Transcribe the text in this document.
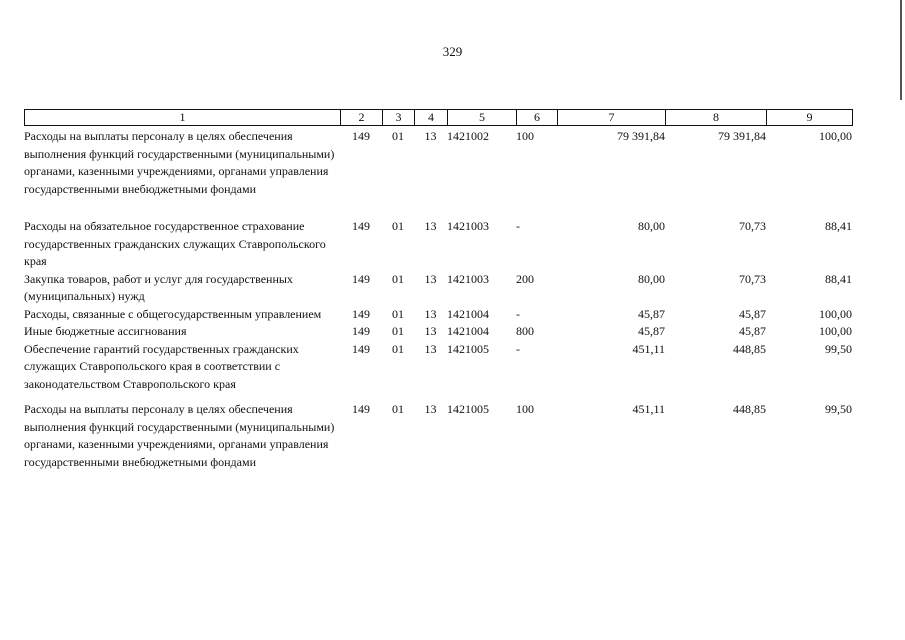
329
1	2	3	4	5	6	7	8	9
Расходы на выплаты персоналу в целях обеспечения выполнения функций государственными (муниципальными) органами, казенными учреждениями, органами управления государственными внебюджетными фондами	149	01	13	1421002	100	79 391,84	79 391,84	100,00

Расходы на обязательное государственное страхование государственных гражданских служащих Ставропольского края	149	01	13	1421003	-	80,00	70,73	88,41
Закупка товаров, работ и услуг для государственных (муниципальных) нужд	149	01	13	1421003	200	80,00	70,73	88,41
Расходы, связанные с общегосударственным управлением	149	01	13	1421004	-	45,87	45,87	100,00
Иные бюджетные ассигнования	149	01	13	1421004	800	45,87	45,87	100,00
Обеспечение гарантий государственных гражданских служащих Ставропольского края в соответствии с законодательством Ставропольского края	149	01	13	1421005	-	451,11	448,85	99,50

Расходы на выплаты персоналу в целях обеспечения выполнения функций государственными (муниципальными) органами, казенными учреждениями, органами управления государственными внебюджетными фондами	149	01	13	1421005	100	451,11	448,85	99,50
